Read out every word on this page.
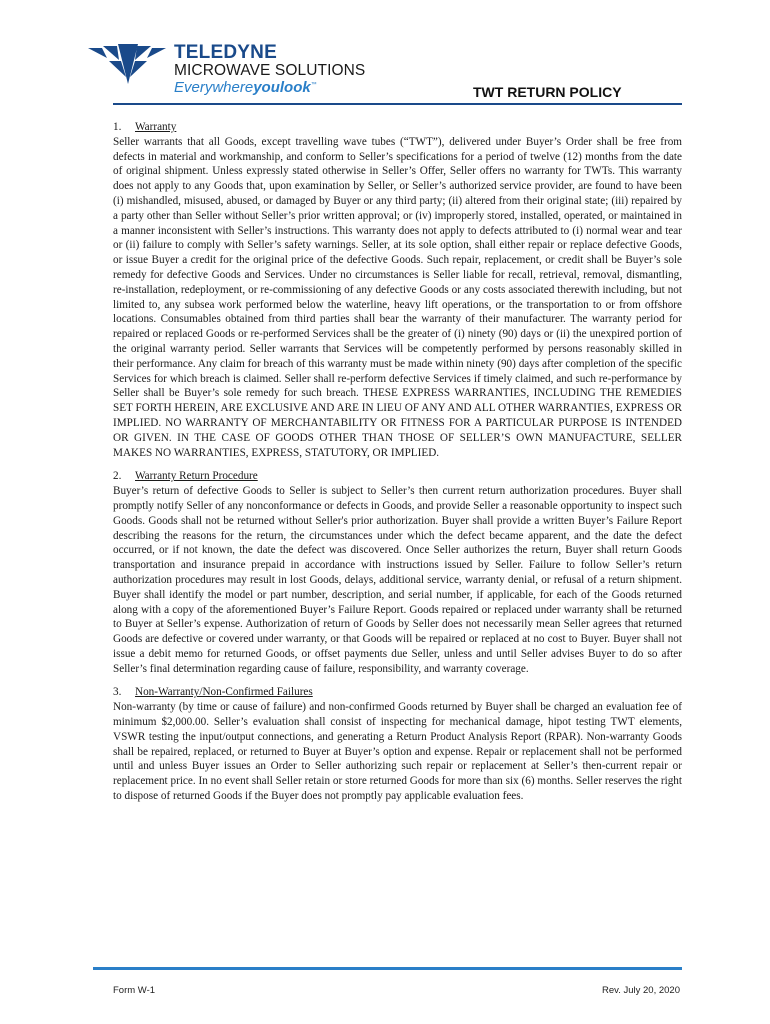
TELEDYNE
MICROWAVE SOLUTIONS
Everywhereyoulook™	TWT RETURN POLICY
1. Warranty
Seller warrants that all Goods, except travelling wave tubes (“TWT”), delivered under Buyer’s Order shall be free from defects in material and workmanship, and conform to Seller’s specifications for a period of twelve (12) months from the date of original shipment. Unless expressly stated otherwise in Seller’s Offer, Seller offers no warranty for TWTs. This warranty does not apply to any Goods that, upon examination by Seller, or Seller’s authorized service provider, are found to have been (i) mishandled, misused, abused, or damaged by Buyer or any third party; (ii) altered from their original state; (iii) repaired by a party other than Seller without Seller’s prior written approval; or (iv) improperly stored, installed, operated, or maintained in a manner inconsistent with Seller’s instructions. This warranty does not apply to defects attributed to (i) normal wear and tear or (ii) failure to comply with Seller’s safety warnings. Seller, at its sole option, shall either repair or replace defective Goods, or issue Buyer a credit for the original price of the defective Goods. Such repair, replacement, or credit shall be Buyer’s sole remedy for defective Goods and Services. Under no circumstances is Seller liable for recall, retrieval, removal, dismantling, re-installation, redeployment, or re-commissioning of any defective Goods or any costs associated therewith including, but not limited to, any subsea work performed below the waterline, heavy lift operations, or the transportation to or from offshore locations. Consumables obtained from third parties shall bear the warranty of their manufacturer. The warranty period for repaired or replaced Goods or re-performed Services shall be the greater of (i) ninety (90) days or (ii) the unexpired portion of the original warranty period. Seller warrants that Services will be competently performed by persons reasonably skilled in their performance. Any claim for breach of this warranty must be made within ninety (90) days after completion of the specific Services for which breach is claimed. Seller shall re-perform defective Services if timely claimed, and such re-performance by Seller shall be Buyer’s sole remedy for such breach. THESE EXPRESS WARRANTIES, INCLUDING THE REMEDIES SET FORTH HEREIN, ARE EXCLUSIVE AND ARE IN LIEU OF ANY AND ALL OTHER WARRANTIES, EXPRESS OR IMPLIED. NO WARRANTY OF MERCHANTABILITY OR FITNESS FOR A PARTICULAR PURPOSE IS INTENDED OR GIVEN. IN THE CASE OF GOODS OTHER THAN THOSE OF SELLER’S OWN MANUFACTURE, SELLER MAKES NO WARRANTIES, EXPRESS, STATUTORY, OR IMPLIED.
2. Warranty Return Procedure
Buyer’s return of defective Goods to Seller is subject to Seller’s then current return authorization procedures. Buyer shall promptly notify Seller of any nonconformance or defects in Goods, and provide Seller a reasonable opportunity to inspect such Goods. Goods shall not be returned without Seller's prior authorization. Buyer shall provide a written Buyer’s Failure Report describing the reasons for the return, the circumstances under which the defect became apparent, and the date the defect occurred, or if not known, the date the defect was discovered. Once Seller authorizes the return, Buyer shall return Goods transportation and insurance prepaid in accordance with instructions issued by Seller. Failure to follow Seller’s return authorization procedures may result in lost Goods, delays, additional service, warranty denial, or refusal of a return shipment. Buyer shall identify the model or part number, description, and serial number, if applicable, for each of the Goods returned along with a copy of the aforementioned Buyer’s Failure Report. Goods repaired or replaced under warranty shall be returned to Buyer at Seller’s expense. Authorization of return of Goods by Seller does not necessarily mean Seller agrees that returned Goods are defective or covered under warranty, or that Goods will be repaired or replaced at no cost to Buyer. Buyer shall not issue a debit memo for returned Goods, or offset payments due Seller, unless and until Seller advises Buyer to do so after Seller’s final determination regarding cause of failure, responsibility, and warranty coverage.
3. Non-Warranty/Non-Confirmed Failures
Non-warranty (by time or cause of failure) and non-confirmed Goods returned by Buyer shall be charged an evaluation fee of minimum $2,000.00. Seller’s evaluation shall consist of inspecting for mechanical damage, hipot testing TWT elements, VSWR testing the input/output connections, and generating a Return Product Analysis Report (RPAR). Non-warranty Goods shall be repaired, replaced, or returned to Buyer at Buyer’s option and expense. Repair or replacement shall not be performed until and unless Buyer issues an Order to Seller authorizing such repair or replacement at Seller’s then-current repair or replacement price. In no event shall Seller retain or store returned Goods for more than six (6) months. Seller reserves the right to dispose of returned Goods if the Buyer does not promptly pay applicable evaluation fees.
Form W-1	Rev. July 20, 2020
